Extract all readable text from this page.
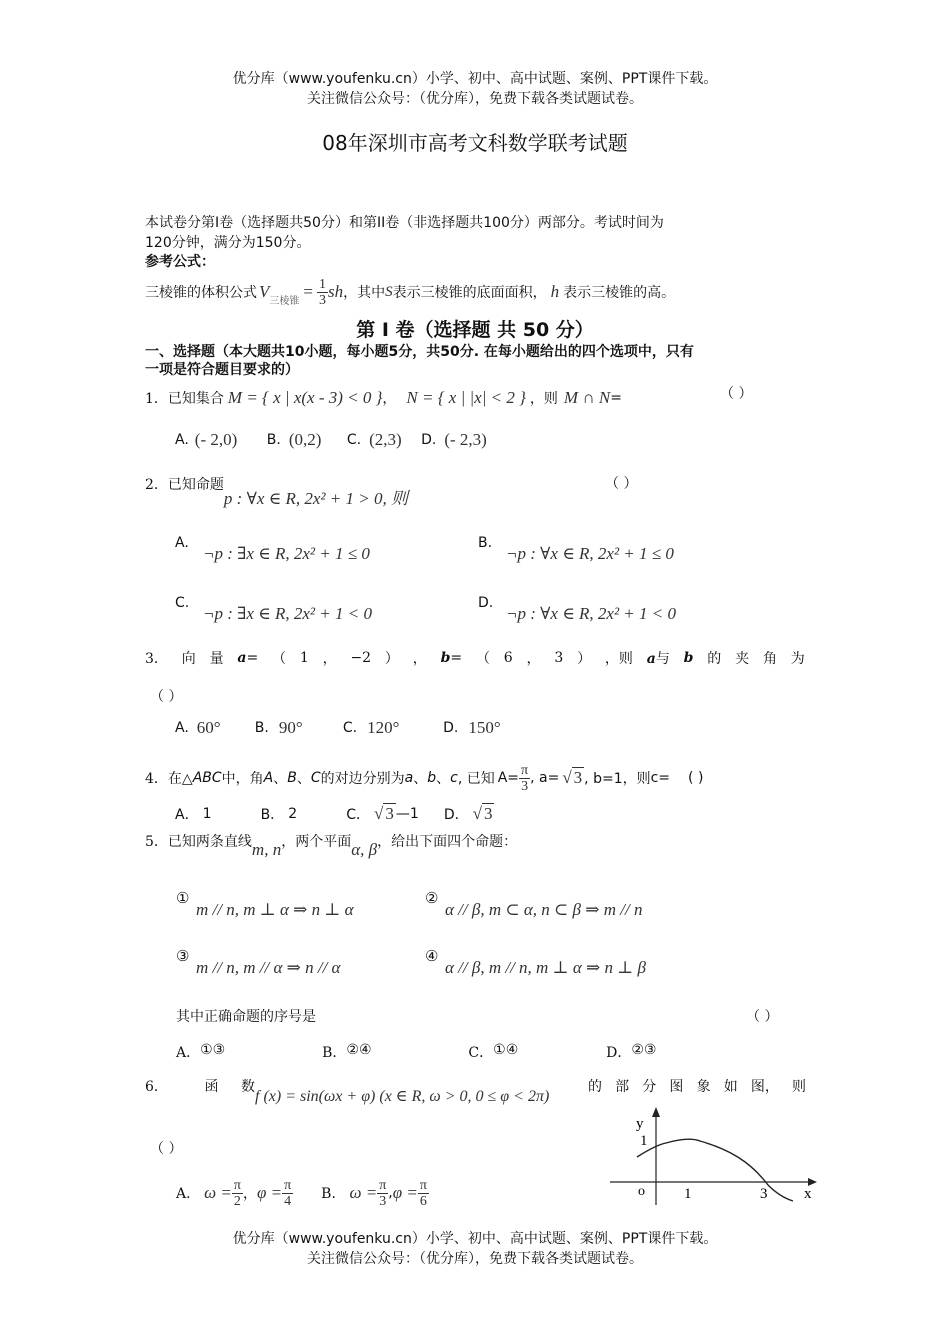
优分库（www.youfenku.cn）小学、初中、高中试题、案例、PPT课件下载。
关注微信公众号：（优分库），免费下载各类试题试卷。
08年深圳市高考文科数学联考试题
本试卷分第I卷（选择题共50分）和第II卷（非选择题共100分）两部分。考试时间为
120分钟，满分为150分。
参考公式：
三棱锥的体积公式 V 三棱锥 = $\frac{1}{3}$ sh ，其中 S 表示三棱锥的底面面积， h 表示三棱锥的高。
第 I 卷（选择题 共 50 分）
一、选择题（本大题共10小题，每小题5分，共50分. 在每小题给出的四个选项中，只有
一项是符合题目要求的）
1．已知集合 M = { x | x(x - 3) < 0 } ， N = { x | |x| < 2 } ，则 M ∩ N =	（ ）
A. (- 2,0)	B. (0,2)	C. (2,3)	D. (- 2,3)
2．已知命题
p : ∀x ∈ R, 2x² + 1 > 0, 则
（ ）
A.
¬p : ∃x ∈ R, 2x² + 1 ≤ 0
B.
¬p : ∀x ∈ R, 2x² + 1 ≤ 0
C.
¬p : ∃x ∈ R, 2x² + 1 < 0
D.
¬p : ∀x ∈ R, 2x² + 1 < 0
3． 向 量 a= （ 1 ， −2 ） ， b= （ 6 ， 3 ） ，则 a与 b 的 夹 角 为
（ ）
A. 60°	B. 90°	C. 120°	D. 150°
4．在△ ABC 中，角 A 、 B 、 C 的对边分别为 a 、 b 、 c , 已知 $A= \frac{\pi}{3}$ , a= √ 3 , b=1，则 c= ( )
A． 1	B． 2	C． √ 3 —1	D． √ 3
5．已知两条直线 m, n ，两个平面 α, β ，给出下面四个命题：
①
m // n, m ⊥ α ⇒ n ⊥ α
②
α // β, m ⊂ α, n ⊂ β ⇒ m // n
③
m // n, m // α ⇒ n // α
④
α // β, m // n, m ⊥ α ⇒ n ⊥ β
其中正确命题的序号是	（ ）
A． ①③	B． ②④	C． ①④	D． ②③
6．	函 数
f (x) = sin(ωx + φ) (x ∈ R, ω > 0, 0 ≤ φ < 2π)
的 部 分 图 象 如 图， 则
（ ）
A． $\omega = \frac{\pi}{2}$ ， $\varphi = \frac{\pi}{4}$ B． $\omega = \frac{\pi}{3}$ , $\varphi = \frac{\pi}{6}$
y
1
o	1	3 x
优分库（www.youfenku.cn）小学、初中、高中试题、案例、PPT课件下载。
关注微信公众号：（优分库），免费下载各类试题试卷。
